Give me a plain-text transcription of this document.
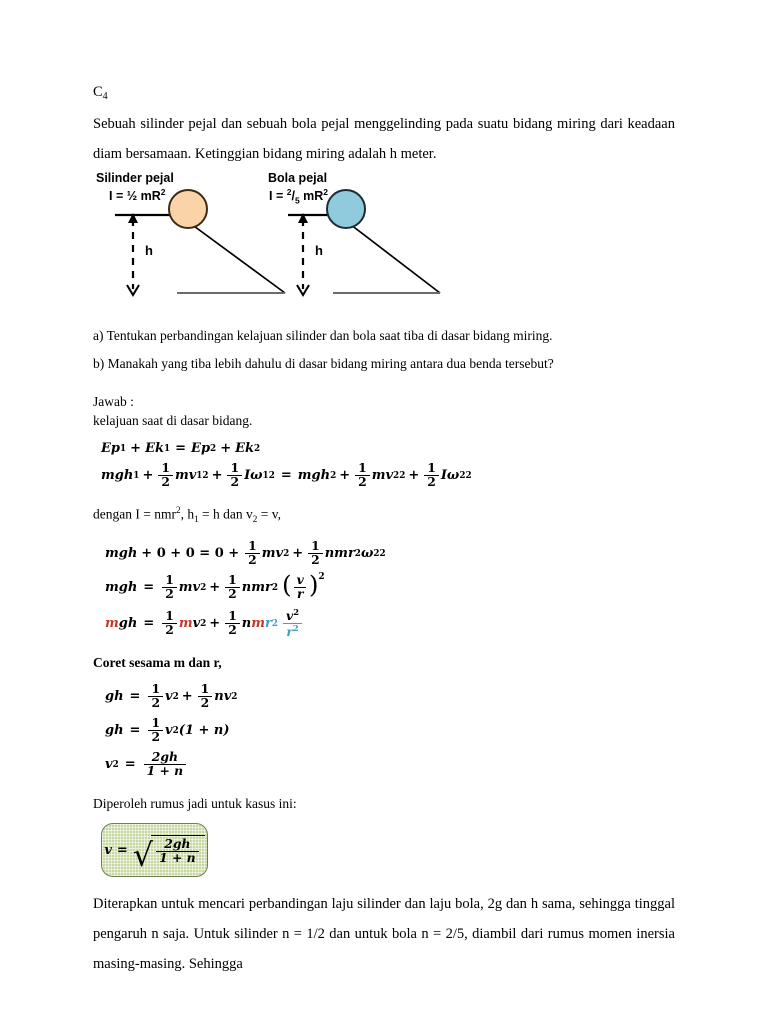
$C_4$

Sebuah silinder pejal dan sebuah bola pejal menggelinding pada suatu bidang miring dari keadaan diam bersamaan. Ketinggian bidang miring adalah h meter.

Silinder pejal
I = ½ $mR^2$
h
Bola pejal
$I = ^2/_5$ $mR^2$
h

a) Tentukan perbandingan kelajuan silinder dan bola saat tiba di dasar bidang miring.

b) Manakah yang tiba lebih dahulu di dasar bidang miring antara dua benda tersebut?

Jawab :

kelajuan saat di dasar bidang.

Ep 1 + Ek 1 = Ep 2 + Ek 2
mgh $1 + \frac{1}{2}$ mv 1 $2 + \frac{1}{2}$ Iω 1 2 = mgh $2 + \frac{1}{2}$ mv 2 $2 + \frac{1}{2}$ Iω 2 2

dengan I = nmr$^2$, $h_1 = h$ dan $v_2 = v$,

mgh + $0 + 0 = 0 + \frac{1}{2}$ mv $2 + \frac{1}{2}$ nmr 2 ω 2 2
mgh = $\frac{1}{2}$ mv $2 + \frac{1}{2}$ nmr 2 ( $\frac{v}{r}$ ) 2
m gh = $\frac{1}{2}$ m v $2 + \frac{1}{2}$ n m r $2 \frac{v^2}{r^2}$

Coret sesama m dan r,

gh = $\frac{1}{2}$ v $2 + \frac{1}{2}$ nv 2
gh = $\frac{1}{2}$ v 2 (1 + n)
v $2 = \frac{2gh}{1 + n}$

Diperoleh rumus jadi untuk kasus ini:

v = √ $\frac{2gh}{1 + n}$

Diterapkan untuk mencari perbandingan laju silinder dan laju bola, 2g dan h sama, sehingga tinggal pengaruh n saja. Untuk silinder n = 1/2 dan untuk bola n = 2/5, diambil dari rumus momen inersia masing-masing. Sehingga
